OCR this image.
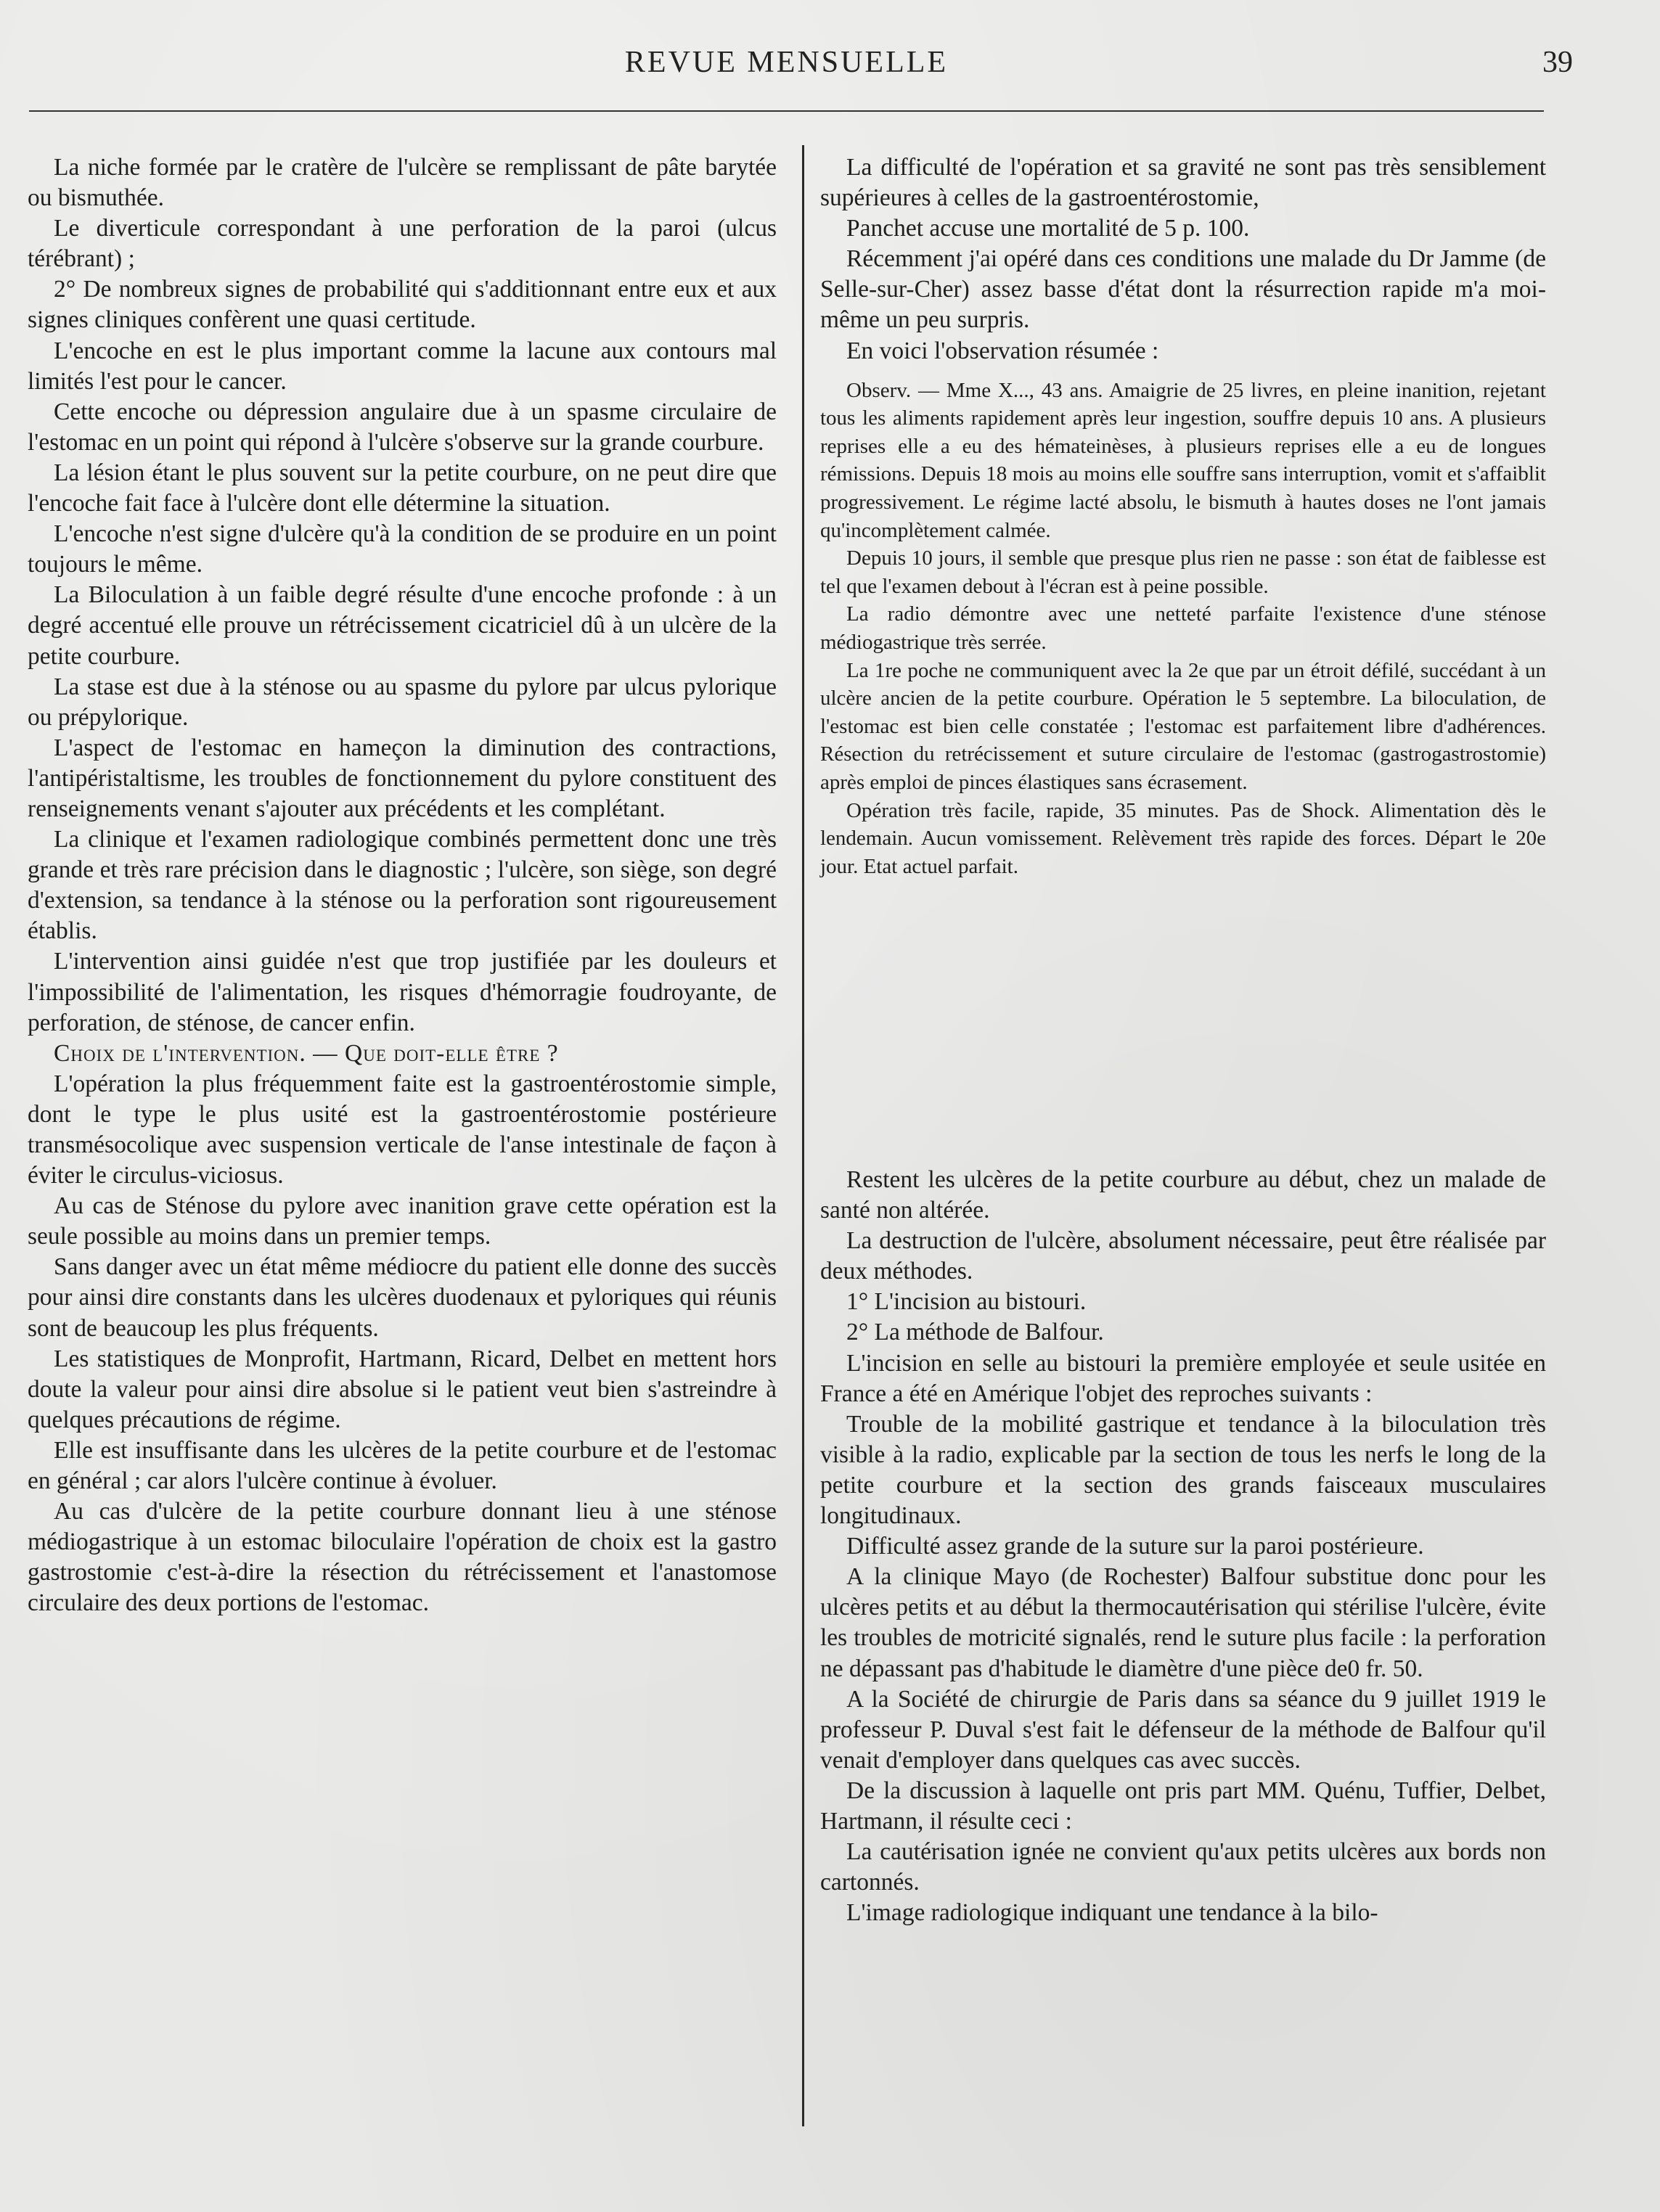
REVUE MENSUELLE	39

La niche formée par le cratère de l'ulcère se remplissant de pâte barytée ou bismuthée.

Le diverticule correspondant à une perforation de la paroi (ulcus térébrant) ;

2° De nombreux signes de probabilité qui s'additionnant entre eux et aux signes cliniques confèrent une quasi certitude.

L'encoche en est le plus important comme la lacune aux contours mal limités l'est pour le cancer.

Cette encoche ou dépression angulaire due à un spasme circulaire de l'estomac en un point qui répond à l'ulcère s'observe sur la grande courbure.

La lésion étant le plus souvent sur la petite courbure, on ne peut dire que l'encoche fait face à l'ulcère dont elle détermine la situation.

L'encoche n'est signe d'ulcère qu'à la condition de se produire en un point toujours le même.

La Biloculation à un faible degré résulte d'une encoche profonde : à un degré accentué elle prouve un rétrécissement cicatriciel dû à un ulcère de la petite courbure.

La stase est due à la sténose ou au spasme du pylore par ulcus pylorique ou prépylorique.

L'aspect de l'estomac en hameçon la diminution des contractions, l'antipéristaltisme, les troubles de fonctionnement du pylore constituent des renseignements venant s'ajouter aux précédents et les complétant.

La clinique et l'examen radiologique combinés permettent donc une très grande et très rare précision dans le diagnostic ; l'ulcère, son siège, son degré d'extension, sa tendance à la sténose ou la perforation sont rigoureusement établis.

L'intervention ainsi guidée n'est que trop justifiée par les douleurs et l'impossibilité de l'alimentation, les risques d'hémorragie foudroyante, de perforation, de sténose, de cancer enfin.

Choix de l'intervention. — Que doit-elle être ?

L'opération la plus fréquemment faite est la gastroentérostomie simple, dont le type le plus usité est la gastroentérostomie postérieure transmésocolique avec suspension verticale de l'anse intestinale de façon à éviter le circulus-viciosus.

Au cas de Sténose du pylore avec inanition grave cette opération est la seule possible au moins dans un premier temps.

Sans danger avec un état même médiocre du patient elle donne des succès pour ainsi dire constants dans les ulcères duodenaux et pyloriques qui réunis sont de beaucoup les plus fréquents.

Les statistiques de Monprofit, Hartmann, Ricard, Delbet en mettent hors doute la valeur pour ainsi dire absolue si le patient veut bien s'astreindre à quelques précautions de régime.

Elle est insuffisante dans les ulcères de la petite courbure et de l'estomac en général ; car alors l'ulcère continue à évoluer.

Au cas d'ulcère de la petite courbure donnant lieu à une sténose médiogastrique à un estomac biloculaire l'opération de choix est la gastro gastrostomie c'est-à-dire la résection du rétrécissement et l'anastomose circulaire des deux portions de l'estomac.

La difficulté de l'opération et sa gravité ne sont pas très sensiblement supérieures à celles de la gastroentérostomie,

Panchet accuse une mortalité de 5 p. 100.

Récemment j'ai opéré dans ces conditions une malade du Dr Jamme (de Selle-sur-Cher) assez basse d'état dont la résurrection rapide m'a moi-même un peu surpris.

En voici l'observation résumée :

Observ. — Mme X..., 43 ans. Amaigrie de 25 livres, en pleine inanition, rejetant tous les aliments rapidement après leur ingestion, souffre depuis 10 ans. A plusieurs reprises elle a eu des hémateinèses, à plusieurs reprises elle a eu de longues rémissions. Depuis 18 mois au moins elle souffre sans interruption, vomit et s'affaiblit progressivement. Le régime lacté absolu, le bismuth à hautes doses ne l'ont jamais qu'incomplètement calmée.

Depuis 10 jours, il semble que presque plus rien ne passe : son état de faiblesse est tel que l'examen debout à l'écran est à peine possible.

La radio démontre avec une netteté parfaite l'existence d'une sténose médiogastrique très serrée.

La 1re poche ne communiquent avec la 2e que par un étroit défilé, succédant à un ulcère ancien de la petite courbure. Opération le 5 septembre. La biloculation, de l'estomac est bien celle constatée ; l'estomac est parfaitement libre d'adhérences. Résection du retrécissement et suture circulaire de l'estomac (gastrogastrostomie) après emploi de pinces élastiques sans écrasement.

Opération très facile, rapide, 35 minutes. Pas de Shock. Alimentation dès le lendemain. Aucun vomissement. Relèvement très rapide des forces. Départ le 20e jour. Etat actuel parfait.

Restent les ulcères de la petite courbure au début, chez un malade de santé non altérée.

La destruction de l'ulcère, absolument nécessaire, peut être réalisée par deux méthodes.

1° L'incision au bistouri.

2° La méthode de Balfour.

L'incision en selle au bistouri la première employée et seule usitée en France a été en Amérique l'objet des reproches suivants :

Trouble de la mobilité gastrique et tendance à la biloculation très visible à la radio, explicable par la section de tous les nerfs le long de la petite courbure et la section des grands faisceaux musculaires longitudinaux.

Difficulté assez grande de la suture sur la paroi postérieure.

A la clinique Mayo (de Rochester) Balfour substitue donc pour les ulcères petits et au début la thermocautérisation qui stérilise l'ulcère, évite les troubles de motricité signalés, rend le suture plus facile : la perforation ne dépassant pas d'habitude le diamètre d'une pièce de0 fr. 50.

A la Société de chirurgie de Paris dans sa séance du 9 juillet 1919 le professeur P. Duval s'est fait le défenseur de la méthode de Balfour qu'il venait d'employer dans quelques cas avec succès.

De la discussion à laquelle ont pris part MM. Quénu, Tuffier, Delbet, Hartmann, il résulte ceci :

La cautérisation ignée ne convient qu'aux petits ulcères aux bords non cartonnés.

L'image radiologique indiquant une tendance à la bilo-
